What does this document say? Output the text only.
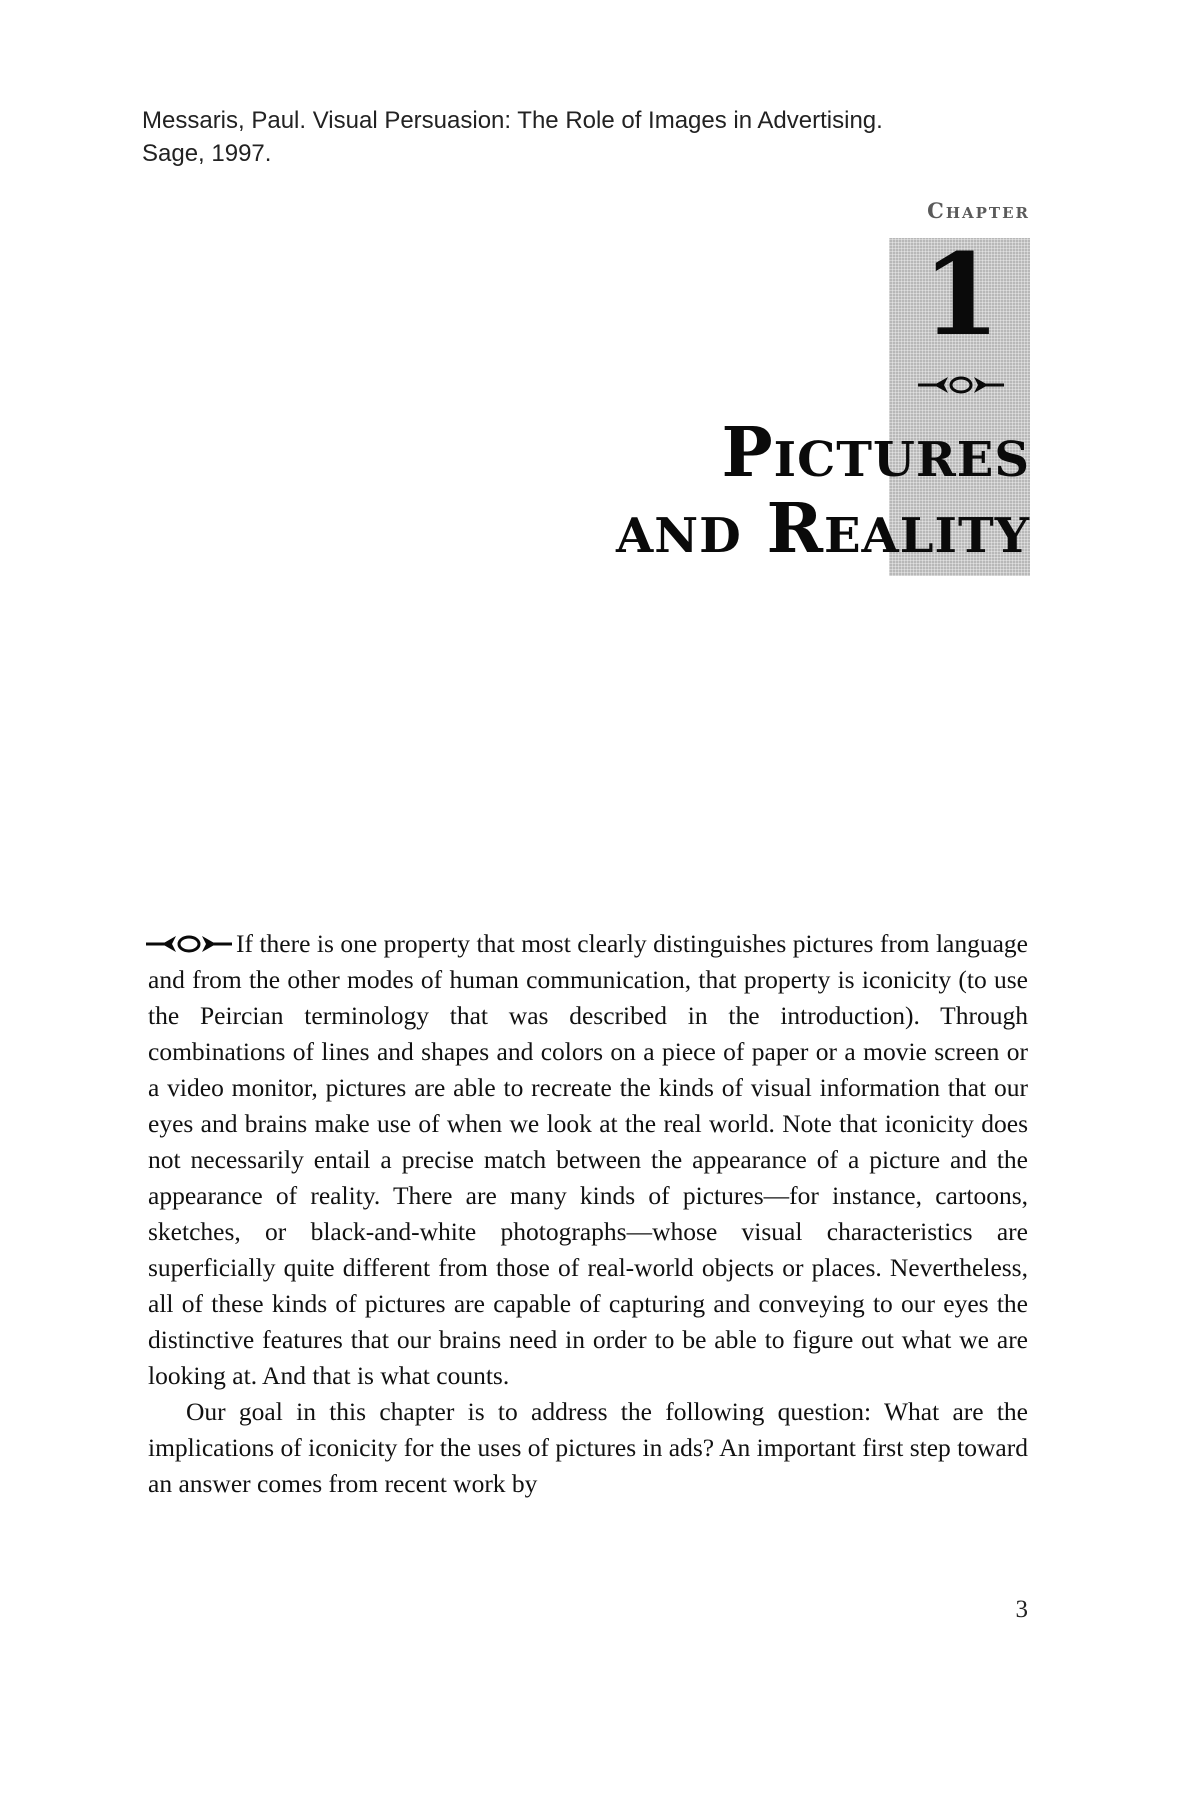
Messaris, Paul. Visual Persuasion: The Role of Images in Advertising.
Sage, 1997.
Chapter
1
Pictures
and Reality

If there is one property that most clearly distinguishes pictures from language and from the other modes of human communication, that property is iconicity (to use the Peircian terminology that was described in the introduction). Through combinations of lines and shapes and colors on a piece of paper or a movie screen or a video monitor, pictures are able to recreate the kinds of visual information that our eyes and brains make use of when we look at the real world. Note that iconicity does not necessarily entail a precise match between the appearance of a picture and the appearance of reality. There are many kinds of pictures—for instance, cartoons, sketches, or black-and-white photographs—whose visual characteristics are superficially quite different from those of real-world objects or places. Nevertheless, all of these kinds of pictures are capable of capturing and conveying to our eyes the distinctive features that our brains need in order to be able to figure out what we are looking at. And that is what counts.

Our goal in this chapter is to address the following question: What are the implications of iconicity for the uses of pictures in ads? An important first step toward an answer comes from recent work by

3
